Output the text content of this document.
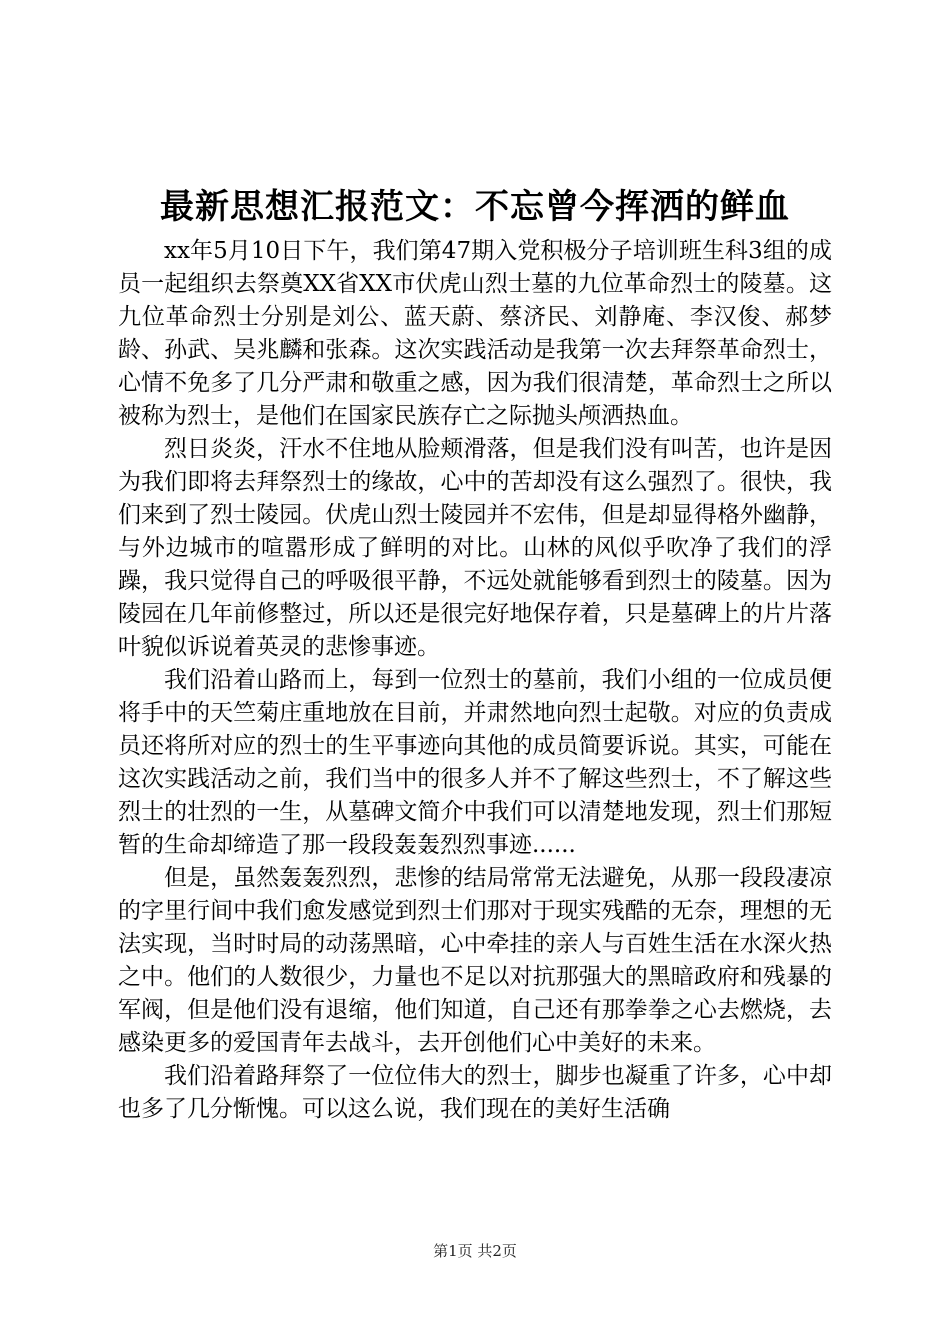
最新思想汇报范文：不忘曾今挥洒的鲜血

xx年5月10日下午，我们第47期入党积极分子培训班生科3组的成员一起组织去祭奠XX省XX市伏虎山烈士墓的九位革命烈士的陵墓。这九位革命烈士分别是刘公、蓝天蔚、蔡济民、刘静庵、李汉俊、郝梦龄、孙武、吴兆麟和张森。这次实践活动是我第一次去拜祭革命烈士，心情不免多了几分严肃和敬重之感，因为我们很清楚，革命烈士之所以被称为烈士，是他们在国家民族存亡之际抛头颅洒热血。

烈日炎炎，汗水不住地从脸颊滑落，但是我们没有叫苦，也许是因为我们即将去拜祭烈士的缘故，心中的苦却没有这么强烈了。很快，我们来到了烈士陵园。伏虎山烈士陵园并不宏伟，但是却显得格外幽静，与外边城市的喧嚣形成了鲜明的对比。山林的风似乎吹净了我们的浮躁，我只觉得自己的呼吸很平静，不远处就能够看到烈士的陵墓。因为陵园在几年前修整过，所以还是很完好地保存着，只是墓碑上的片片落叶貌似诉说着英灵的悲惨事迹。

我们沿着山路而上，每到一位烈士的墓前，我们小组的一位成员便将手中的天竺菊庄重地放在目前，并肃然地向烈士起敬。对应的负责成员还将所对应的烈士的生平事迹向其他的成员简要诉说。其实，可能在这次实践活动之前，我们当中的很多人并不了解这些烈士，不了解这些烈士的壮烈的一生，从墓碑文简介中我们可以清楚地发现，烈士们那短暂的生命却缔造了那一段段轰轰烈烈事迹......

但是，虽然轰轰烈烈，悲惨的结局常常无法避免，从那一段段凄凉的字里行间中我们愈发感觉到烈士们那对于现实残酷的无奈，理想的无法实现，当时时局的动荡黑暗，心中牵挂的亲人与百姓生活在水深火热之中。他们的人数很少，力量也不足以对抗那强大的黑暗政府和残暴的军阀，但是他们没有退缩，他们知道，自己还有那拳拳之心去燃烧，去感染更多的爱国青年去战斗，去开创他们心中美好的未来。

我们沿着路拜祭了一位位伟大的烈士，脚步也凝重了许多，心中却也多了几分惭愧。可以这么说，我们现在的美好生活确

第1页 共2页
